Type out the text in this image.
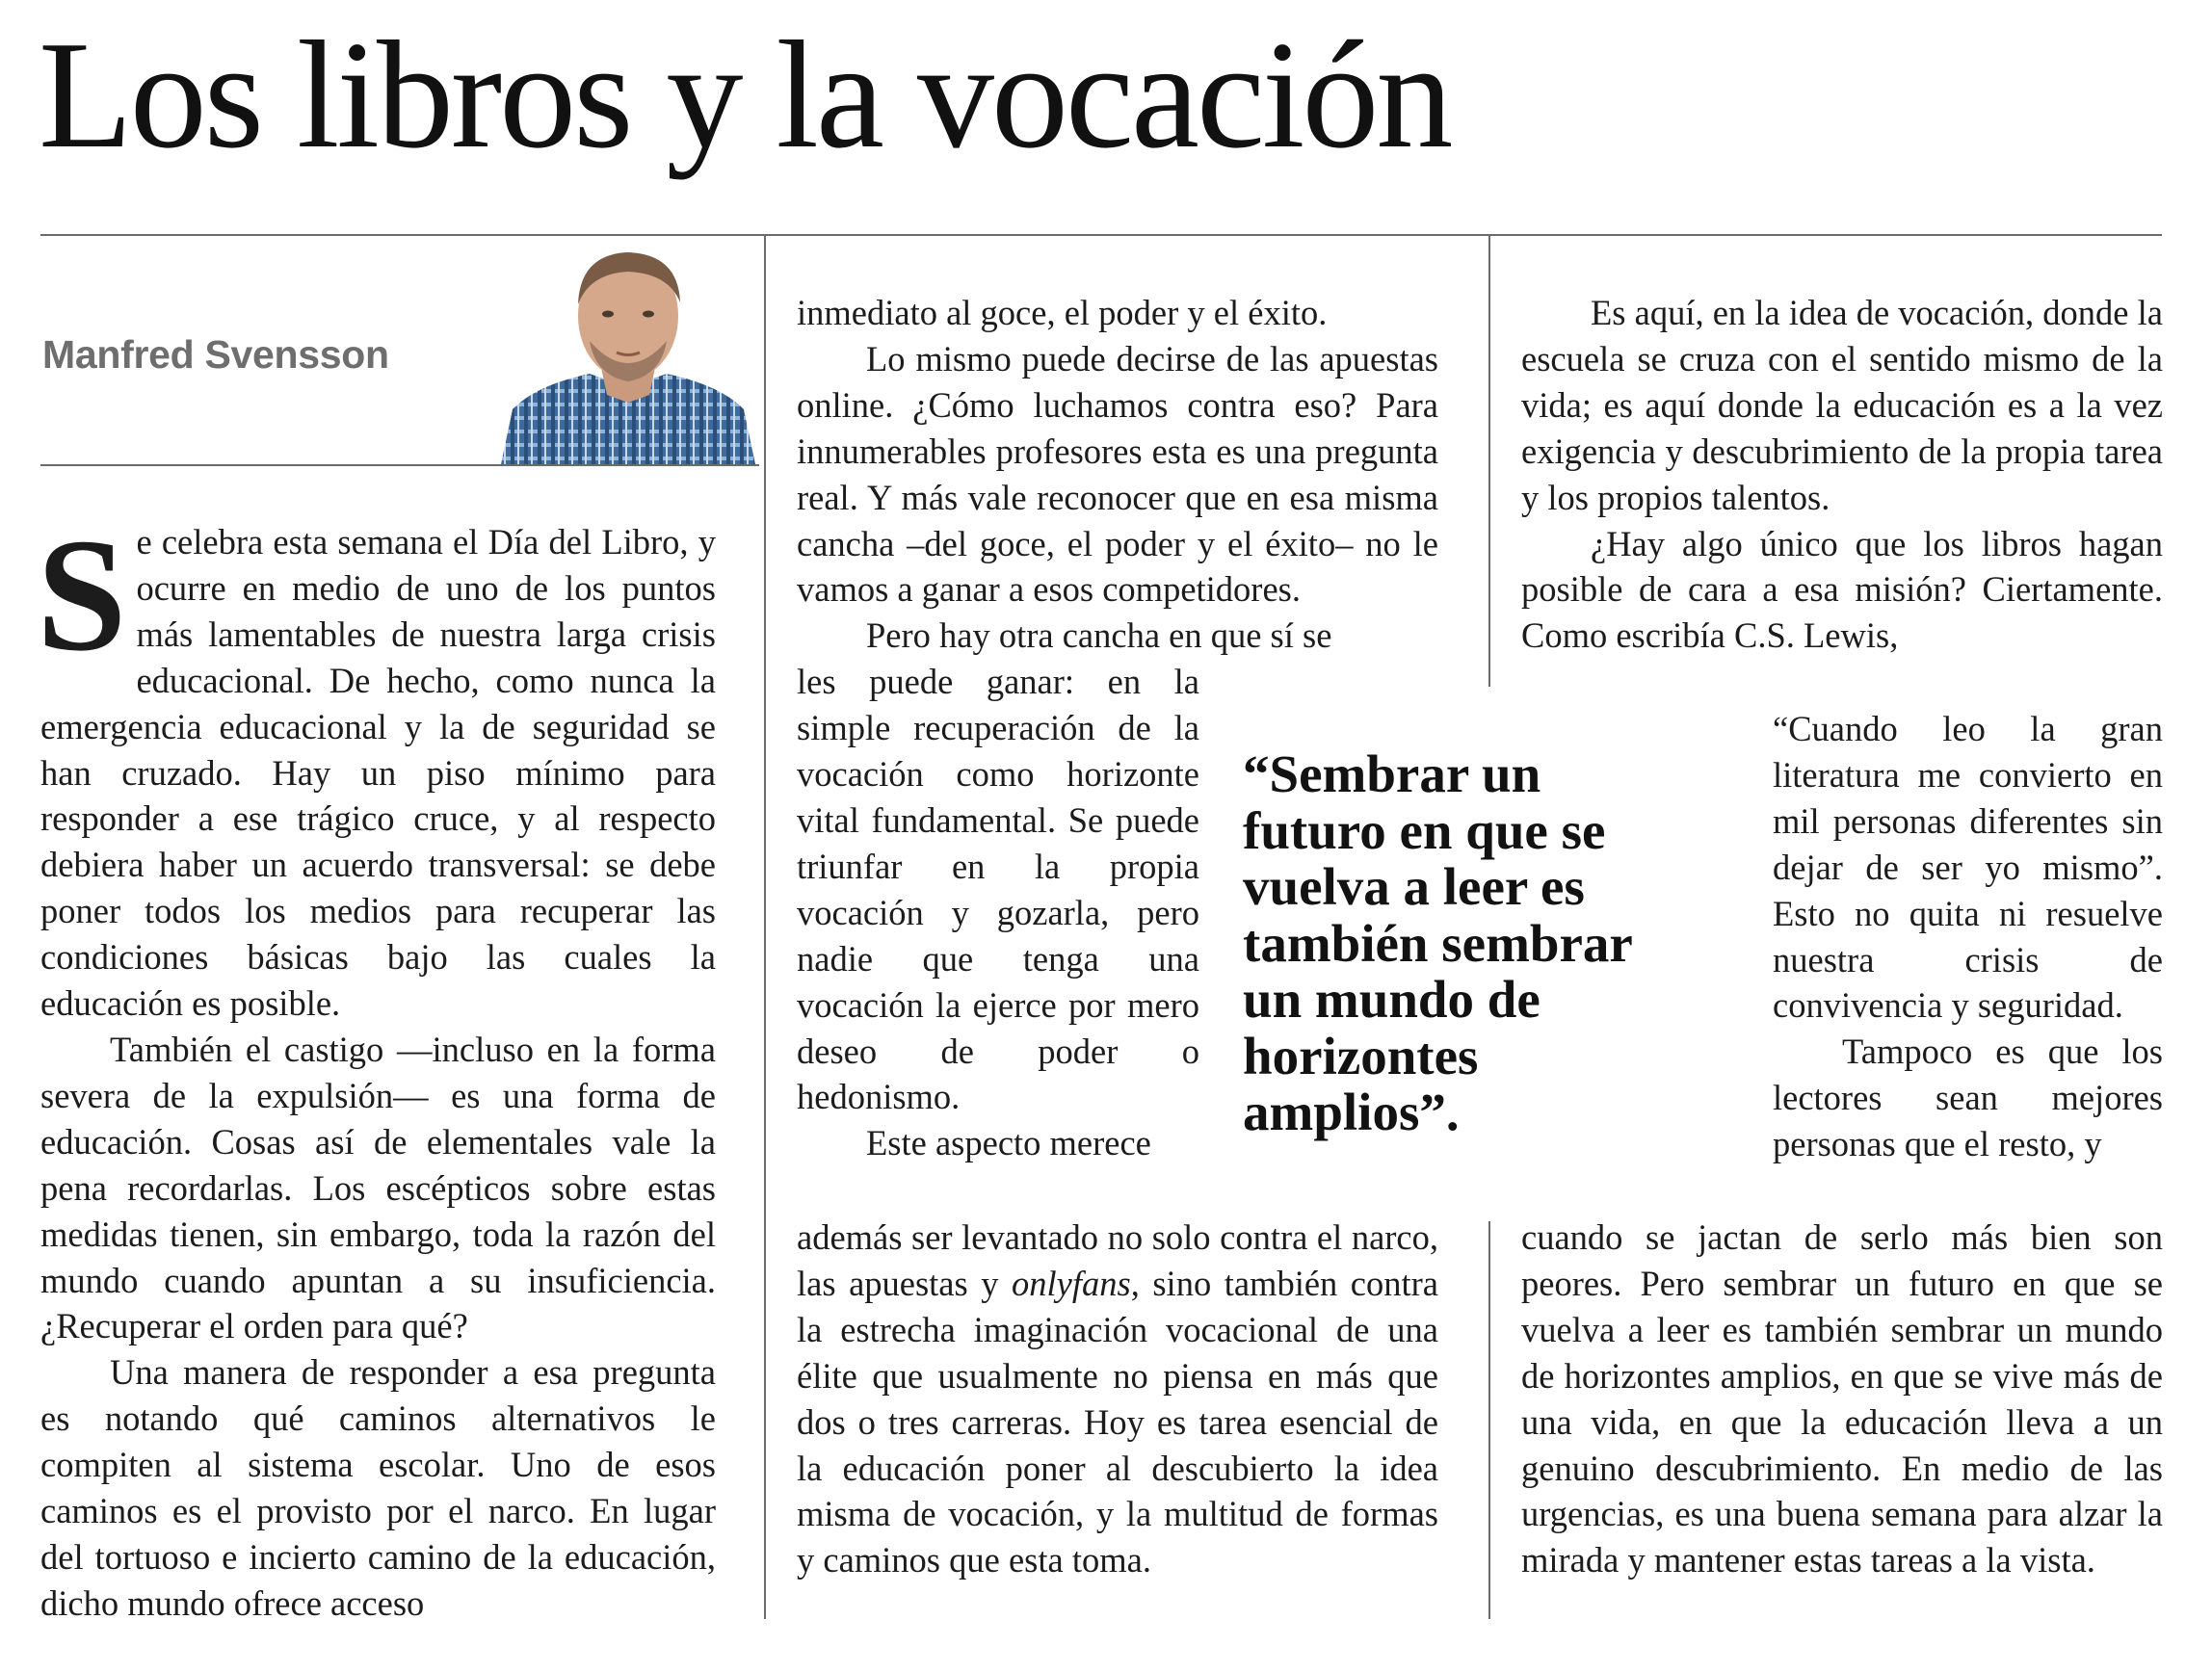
Los libros y la vocación
Manfred Svensson
S e celebra esta semana el Día del Libro, y ocurre en medio de uno de los puntos más lamentables de nuestra larga crisis educacional. De hecho, como nunca la emergencia educacional y la de seguridad se han cruzado. Hay un piso mínimo para responder a ese trágico cruce, y al respecto debiera haber un acuerdo transversal: se debe poner todos los medios para recuperar las condiciones básicas bajo las cuales la educación es posible.

También el castigo —incluso en la forma severa de la expulsión— es una forma de educación. Cosas así de elementales vale la pena recordarlas. Los escépticos sobre estas medidas tienen, sin embargo, toda la razón del mundo cuando apuntan a su insuficiencia. ¿Recuperar el orden para qué?

Una manera de responder a esa pregunta es notando qué caminos alternativos le compiten al sistema escolar. Uno de esos caminos es el provisto por el narco. En lugar del tortuoso e incierto camino de la educación, dicho mundo ofrece acceso

inmediato al goce, el poder y el éxito.

Lo mismo puede decirse de las apuestas online. ¿Cómo luchamos contra eso? Para innumerables profesores esta es una pregunta real. Y más vale reconocer que en esa misma cancha –del goce, el poder y el éxito– no le vamos a ganar a esos competidores.

Pero hay otra cancha en que sí se
les puede ganar: en la simple recuperación de la vocación como horizonte vital fundamental. Se puede triunfar en la propia vocación y gozarla, pero nadie que tenga una vocación la ejerce por mero deseo de poder o hedonismo.

Este aspecto merece

además ser levantado no solo contra el narco, las apuestas y onlyfans, sino también contra la estrecha imaginación vocacional de una élite que usualmente no piensa en más que dos o tres carreras. Hoy es tarea esencial de la educación poner al descubierto la idea misma de vocación, y la multitud de formas y caminos que esta toma.

Es aquí, en la idea de vocación, donde la escuela se cruza con el sentido mismo de la vida; es aquí donde la educación es a la vez exigencia y descubrimiento de la propia tarea y los propios talentos.

¿Hay algo único que los libros hagan posible de cara a esa misión? Ciertamente. Como escribía C.S. Lewis,

“Cuando leo la gran literatura me convierto en mil personas diferentes sin dejar de ser yo mismo”. Esto no quita ni resuelve nuestra crisis de convivencia y seguridad.

Tampoco es que los lectores sean mejores personas que el resto, y

cuando se jactan de serlo más bien son peores. Pero sembrar un futuro en que se vuelva a leer es también sembrar un mundo de horizontes amplios, en que se vive más de una vida, en que la educación lleva a un genuino descubrimiento. En medio de las urgencias, es una buena semana para alzar la mirada y mantener estas tareas a la vista.

“Sembrar un futuro en que se vuelva a leer es también sembrar un mundo de horizontes amplios”.
